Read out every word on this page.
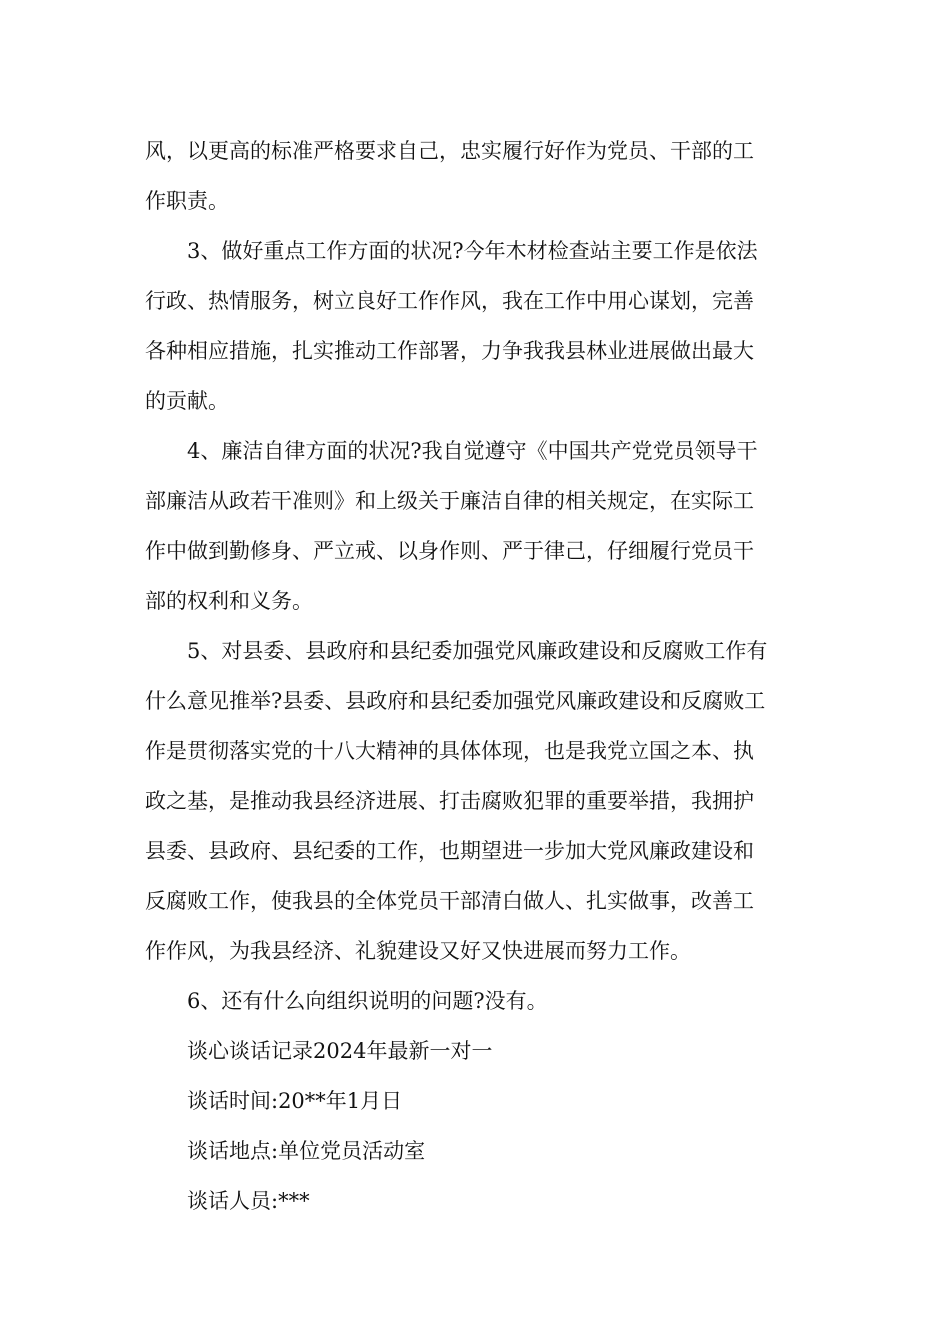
风，以更高的标准严格要求自己，忠实履行好作为党员、干部的工
作职责。
3、做好重点工作方面的状况?今年木材检查站主要工作是依法
行政、热情服务，树立良好工作作风，我在工作中用心谋划，完善
各种相应措施，扎实推动工作部署，力争我我县林业进展做出最大
的贡献。
4、廉洁自律方面的状况?我自觉遵守《中国共产党党员领导干
部廉洁从政若干准则》和上级关于廉洁自律的相关规定，在实际工
作中做到勤修身、严立戒、以身作则、严于律己，仔细履行党员干
部的权利和义务。
5、对县委、县政府和县纪委加强党风廉政建设和反腐败工作有
什么意见推举?县委、县政府和县纪委加强党风廉政建设和反腐败工
作是贯彻落实党的十八大精神的具体体现，也是我党立国之本、执
政之基，是推动我县经济进展、打击腐败犯罪的重要举措，我拥护
县委、县政府、县纪委的工作，也期望进一步加大党风廉政建设和
反腐败工作，使我县的全体党员干部清白做人、扎实做事，改善工
作作风，为我县经济、礼貌建设又好又快进展而努力工作。
6、还有什么向组织说明的问题?没有。
谈心谈话记录2024年最新一对一
谈话时间:20**年1月日
谈话地点:单位党员活动室
谈话人员:***
